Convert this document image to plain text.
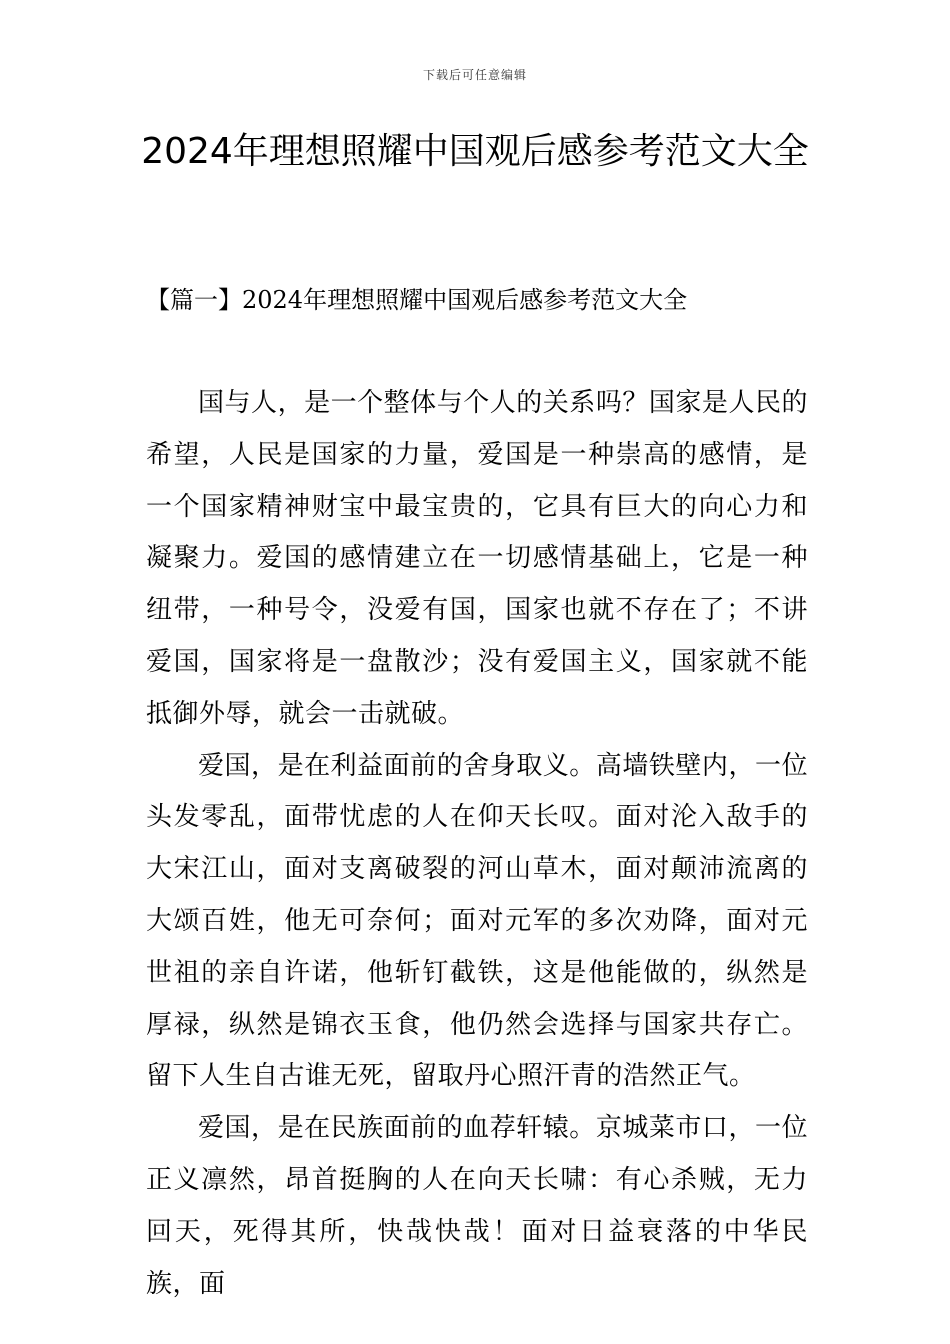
下载后可任意编辑
2024年理想照耀中国观后感参考范文大全
【篇一】2024年理想照耀中国观后感参考范文大全

国与人，是一个整体与个人的关系吗？国家是人民的希望，人民是国家的力量，爱国是一种崇高的感情，是一个国家精神财宝中最宝贵的，它具有巨大的向心力和凝聚力。爱国的感情建立在一切感情基础上，它是一种纽带，一种号令，没爱有国，国家也就不存在了；不讲爱国，国家将是一盘散沙；没有爱国主义，国家就不能抵御外辱，就会一击就破。

爱国，是在利益面前的舍身取义。高墙铁壁内，一位头发零乱，面带忧虑的人在仰天长叹。面对沦入敌手的大宋江山，面对支离破裂的河山草木，面对颠沛流离的大颂百姓，他无可奈何；面对元军的多次劝降，面对元世祖的亲自许诺，他斩钉截铁，这是他能做的，纵然是厚禄，纵然是锦衣玉食，他仍然会选择与国家共存亡。留下人生自古谁无死，留取丹心照汗青的浩然正气。

爱国，是在民族面前的血荐轩辕。京城菜市口，一位正义凛然，昂首挺胸的人在向天长啸：有心杀贼，无力回天，死得其所，快哉快哉！面对日益衰落的中华民族，面
